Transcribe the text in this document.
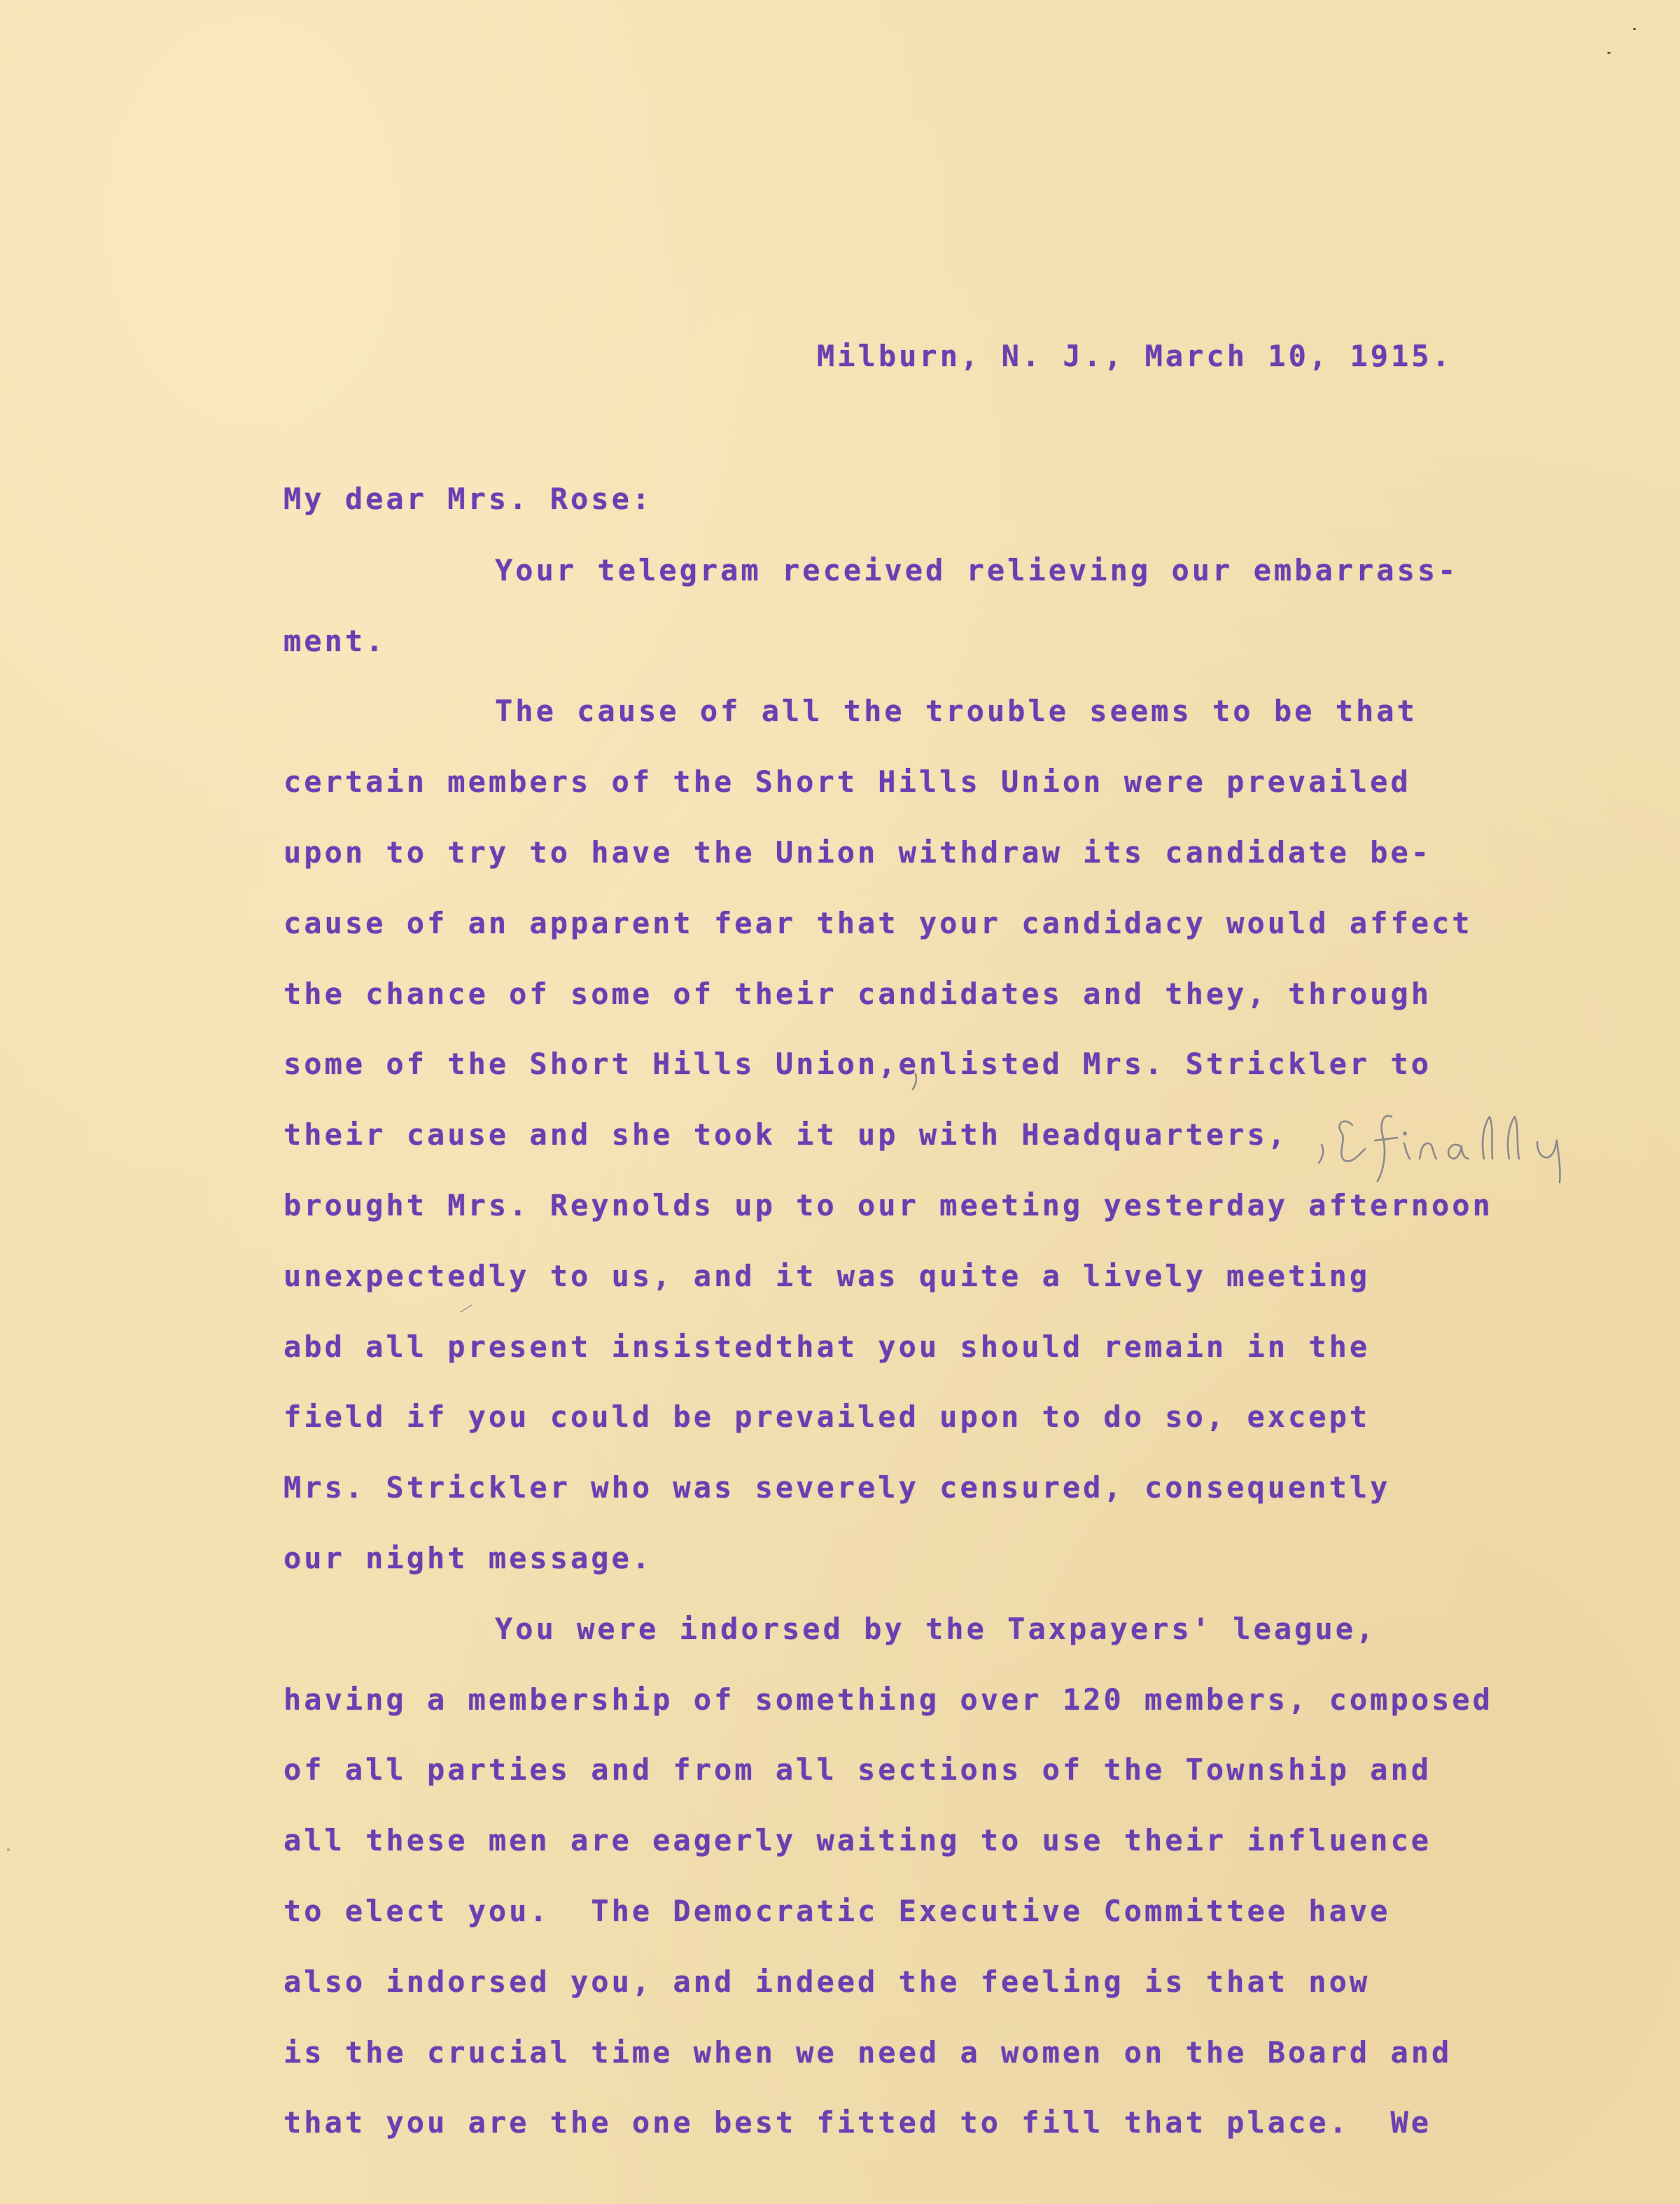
Milburn, N. J., March 10, 1915.

My dear Mrs. Rose:

Your telegram received relieving our embarrass-

ment.

The cause of all the trouble seems to be that

certain members of the Short Hills Union were prevailed

upon to try to have the Union withdraw its candidate be-

cause of an apparent fear that your candidacy would affect

the chance of some of their candidates and they, through

some of the Short Hills Union,enlisted Mrs. Strickler to

their cause and she took it up with Headquarters,

brought Mrs. Reynolds up to our meeting yesterday afternoon

unexpectedly to us, and it was quite a lively meeting

abd all present insistedthat you should remain in the

field if you could be prevailed upon to do so, except

Mrs. Strickler who was severely censured, consequently

our night message.

You were indorsed by the Taxpayers' league,

having a membership of something over 120 members, composed

of all parties and from all sections of the Township and

all these men are eagerly waiting to use their influence

to elect you.  The Democratic Executive Committee have

also indorsed you, and indeed the feeling is that now

is the crucial time when we need a women on the Board and

that you are the one best fitted to fill that place.  We
